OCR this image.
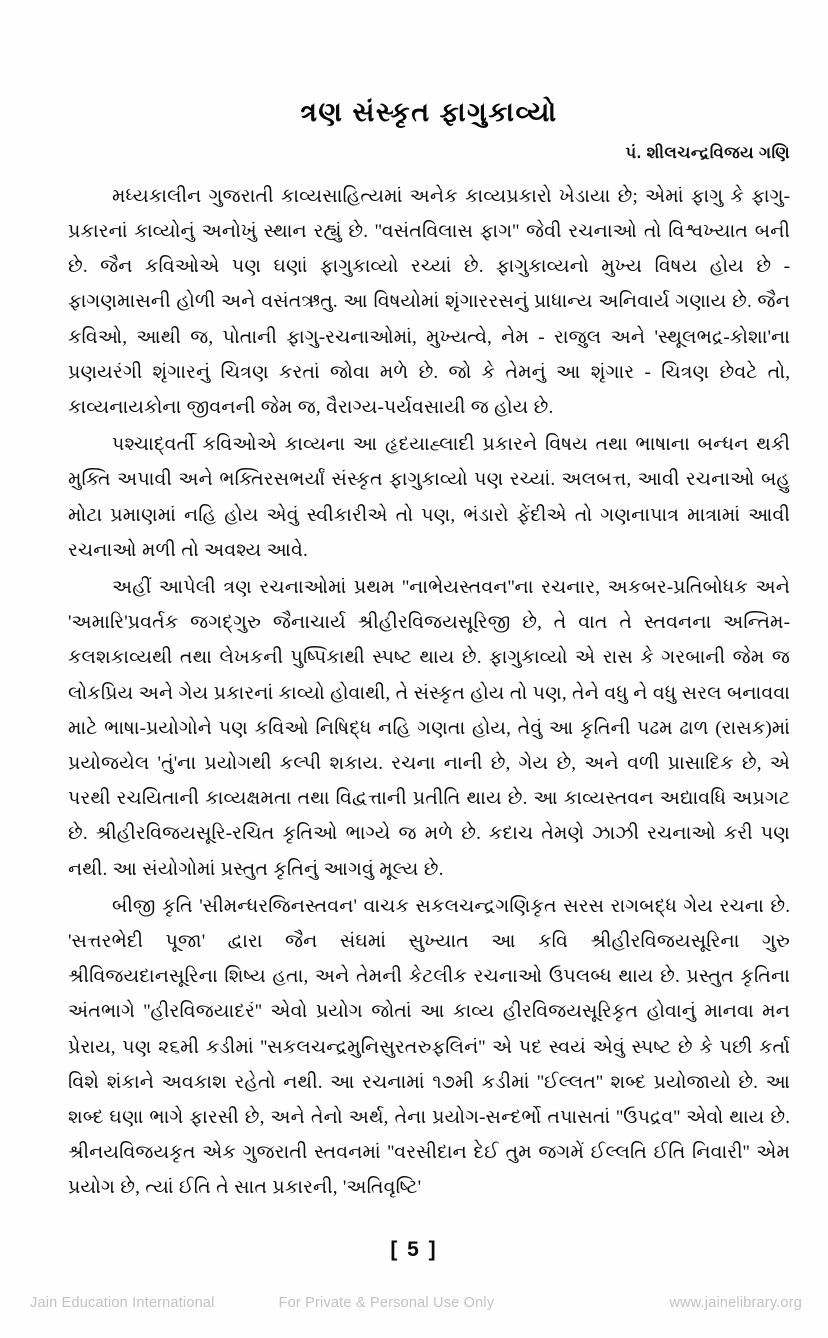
ત્રણ સંસ્કૃત ફાગુકાવ્યો
પં. શીલચન્દ્રવિજય ગણિ

મધ્યકાલીન ગુજરાતી કાવ્યસાહિત્યમાં અનેક કાવ્યપ્રકારો ખેડાયા છે; એમાં ફાગુ કે ફાગુ-પ્રકારનાં કાવ્યોનું અનોખું સ્થાન રહ્યું છે. ''વસંતવિલાસ ફાગ'' જેવી રચનાઓ તો વિશ્વખ્યાત બની છે. જૈન કવિઓએ પણ ઘણાં ફાગુકાવ્યો રચ્યાં છે. ફાગુકાવ્યનો મુખ્ય વિષય હોય છે - ફાગણમાસની હોળી અને વસંતઋતુ. આ વિષયોમાં શૃંગારરસનું પ્રાધાન્ય અનિવાર્ય ગણાય છે. જૈન કવિઓ, આથી જ, પોતાની ફાગુ-રચનાઓમાં, મુખ્યત્વે, નેમ - રાજુલ અને 'સ્થૂલભદ્ર-કોશા'ના પ્રણયરંગી શૃંગારનું ચિત્રણ કરતાં જોવા મળે છે. જો કે તેમનું આ શૃંગાર - ચિત્રણ છેવટે તો, કાવ્યનાયકોના જીવનની જેમ જ, વૈરાગ્ય-પર્યવસાયી જ હોય છે.

પશ્ચાદ્‌વર્તી કવિઓએ કાવ્યના આ હૃદયાહ્લાદી પ્રકારને વિષય તથા ભાષાના બન્ધન થકી મુક્તિ અપાવી અને ભક્તિરસભર્યાં સંસ્કૃત ફાગુકાવ્યો પણ રચ્યાં. અલબત્ત, આવી રચનાઓ બહુ મોટા પ્રમાણમાં નહિ હોય એવું સ્વીકારીએ તો પણ, ભંડારો ફેંદીએ તો ગણનાપાત્ર માત્રામાં આવી રચનાઓ મળી તો અવશ્ય આવે.

અહીં આપેલી ત્રણ રચનાઓમાં પ્રથમ ''નાભેયસ્તવન''ના રચનાર, અકબર-પ્રતિબોધક અને 'અમારિ'પ્રવર્તક જગદ્‌ગુરુ જૈનાચાર્ય શ્રીહીરવિજયસૂરિજી છે, તે વાત તે સ્તવનના અન્તિમ-કલશકાવ્યથી તથા લેખકની પુષ્પિકાથી સ્પષ્ટ થાય છે. ફાગુકાવ્યો એ રાસ કે ગરબાની જેમ જ લોકપ્રિય અને ગેય પ્રકારનાં કાવ્યો હોવાથી, તે સંસ્કૃત હોય તો પણ, તેને વધુ ને વધુ સરલ બનાવવા માટે ભાષા-પ્રયોગોને પણ કવિઓ નિષિદ્ધ નહિ ગણતા હોય, તેવું આ કૃતિની પઢમ ઢાળ (રાસક)માં પ્રયોજયેલ 'તું'ના પ્રયોગથી કલ્પી શકાય. રચના નાની છે, ગેય છે, અને વળી પ્રાસાદિક છે, એ પરથી રચયિતાની કાવ્યક્ષમતા તથા વિદ્વત્તાની પ્રતીતિ થાય છે. આ કાવ્યસ્તવન અદ્યાવધિ અપ્રગટ છે. શ્રીહીરવિજયસૂરિ-રચિત કૃતિઓ ભાગ્યે જ મળે છે. કદાચ તેમણે ઝાઝી રચનાઓ કરી પણ નથી. આ સંયોગોમાં પ્રસ્તુત કૃતિનું આગવું મૂલ્ય છે.

બીજી કૃતિ 'સીમન્ધરજિનસ્તવન' વાચક સકલચન્દ્રગણિકૃત સરસ રાગબદ્ધ ગેય રચના છે. 'સત્તરભેદી પૂજા' દ્વારા જૈન સંઘમાં સુખ્યાત આ કવિ શ્રીહીરવિજયસૂરિના ગુરુ શ્રીવિજયદાનસૂરિના શિષ્ય હતા, અને તેમની કેટલીક રચનાઓ ઉપલબ્ધ થાય છે. પ્રસ્તુત કૃતિના અંતભાગે ''હીરવિજયાદરં'' એવો પ્રયોગ જોતાં આ કાવ્ય હીરવિજયસૂરિકૃત હોવાનું માનવા મન પ્રેરાય, પણ ૨૬મી કડીમાં ''સકલચન્દ્રમુનિસુરતરુફલિનં'' એ પદ સ્વયં એવું સ્પષ્ટ છે કે પછી કર્તા વિશે શંકાને અવકાશ રહેતો નથી. આ રચનામાં ૧૭મી કડીમાં ''ઈલ્લત'' શબ્દ પ્રયોજાયો છે. આ શબ્દ ઘણા ભાગે ફારસી છે, અને તેનો અર્થ, તેના પ્રયોગ-સન્દર્ભો તપાસતાં ''ઉપદ્રવ'' એવો થાય છે. શ્રીનયવિજયકૃત એક ગુજરાતી સ્તવનમાં ''વરસીદાન દેઈ તુમ જગમેં ઈલ્લતિ ઈતિ નિવારી'' એમ પ્રયોગ છે, ત્યાં ઈતિ તે સાત પ્રકારની, 'અતિવૃષ્ટિ'

[ 5 ]
Jain Education International	For Private & Personal Use Only	www.jainelibrary.org
